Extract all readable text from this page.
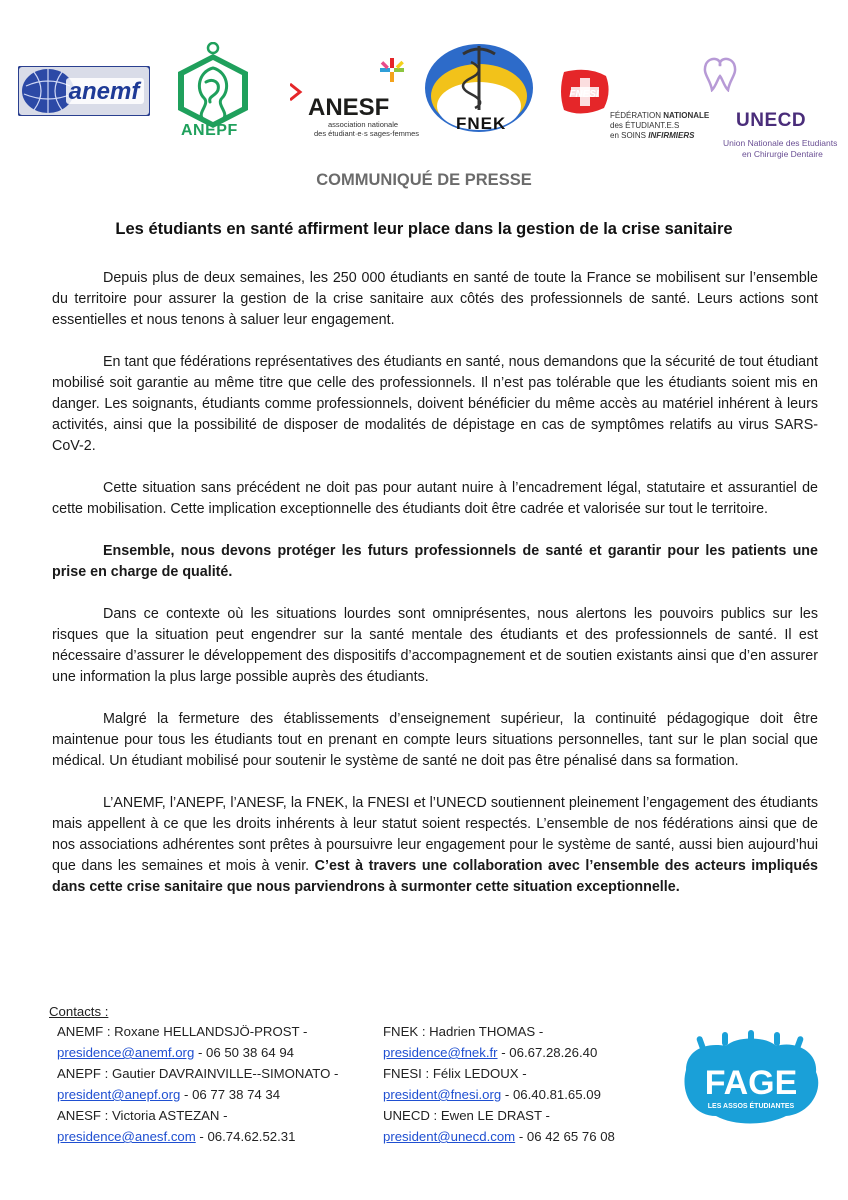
anemf
ANEPF
ANESF
association nationale
des étudiant·e·s sages-femmes
FNEK
FNESI
FÉDÉRATION NATIONALE
des ÉTUDIANT.E.S
en SOINS INFIRMIERS
UNECD
Union Nationale des Etudiants
en Chirurgie Dentaire
COMMUNIQUÉ DE PRESSE
Les étudiants en santé affirment leur place dans la gestion de la crise sanitaire

Depuis plus de deux semaines, les 250 000 étudiants en santé de toute la France se mobilisent sur l’ensemble du territoire pour assurer la gestion de la crise sanitaire aux côtés des professionnels de santé. Leurs actions sont essentielles et nous tenons à saluer leur engagement.

En tant que fédérations représentatives des étudiants en santé, nous demandons que la sécurité de tout étudiant mobilisé soit garantie au même titre que celle des professionnels. Il n’est pas tolérable que les étudiants soient mis en danger. Les soignants, étudiants comme professionnels, doivent bénéficier du même accès au matériel inhérent à leurs activités, ainsi que la possibilité de disposer de modalités de dépistage en cas de symptômes relatifs au virus SARS-CoV-2.

Cette situation sans précédent ne doit pas pour autant nuire à l’encadrement légal, statutaire et assurantiel de cette mobilisation. Cette implication exceptionnelle des étudiants doit être cadrée et valorisée sur tout le territoire.

Ensemble, nous devons protéger les futurs professionnels de santé et garantir pour les patients une prise en charge de qualité.

Dans ce contexte où les situations lourdes sont omniprésentes, nous alertons les pouvoirs publics sur les risques que la situation peut engendrer sur la santé mentale des étudiants et des professionnels de santé. Il est nécessaire d’assurer le développement des dispositifs d’accompagnement et de soutien existants ainsi que d’en assurer une information la plus large possible auprès des étudiants.

Malgré la fermeture des établissements d’enseignement supérieur, la continuité pédagogique doit être maintenue pour tous les étudiants tout en prenant en compte leurs situations personnelles, tant sur le plan social que médical. Un étudiant mobilisé pour soutenir le système de santé ne doit pas être pénalisé dans sa formation.

L’ANEMF, l’ANEPF, l’ANESF, la FNEK, la FNESI et l’UNECD soutiennent pleinement l’engagement des étudiants mais appellent à ce que les droits inhérents à leur statut soient respectés. L’ensemble de nos fédérations ainsi que de nos associations adhérentes sont prêtes à poursuivre leur engagement pour le système de santé, aussi bien aujourd’hui que dans les semaines et mois à venir. C’est à travers une collaboration avec l’ensemble des acteurs impliqués dans cette crise sanitaire que nous parviendrons à surmonter cette situation exceptionnelle.

Contacts :
ANEMF : Roxane HELLANDSJÖ-PROST -
presidence@anemf.org - 06 50 38 64 94
ANEPF : Gautier DAVRAINVILLE--SIMONATO -
president@anepf.org - 06 77 38 74 34
ANESF : Victoria ASTEZAN -
presidence@anesf.com - 06.74.62.52.31
FNEK : Hadrien THOMAS -
presidence@fnek.fr - 06.67.28.26.40
FNESI : Félix LEDOUX -
president@fnesi.org - 06.40.81.65.09
UNECD : Ewen LE DRAST -
president@unecd.com - 06 42 65 76 08
FAGE
LES ASSOS ÉTUDIANTES
